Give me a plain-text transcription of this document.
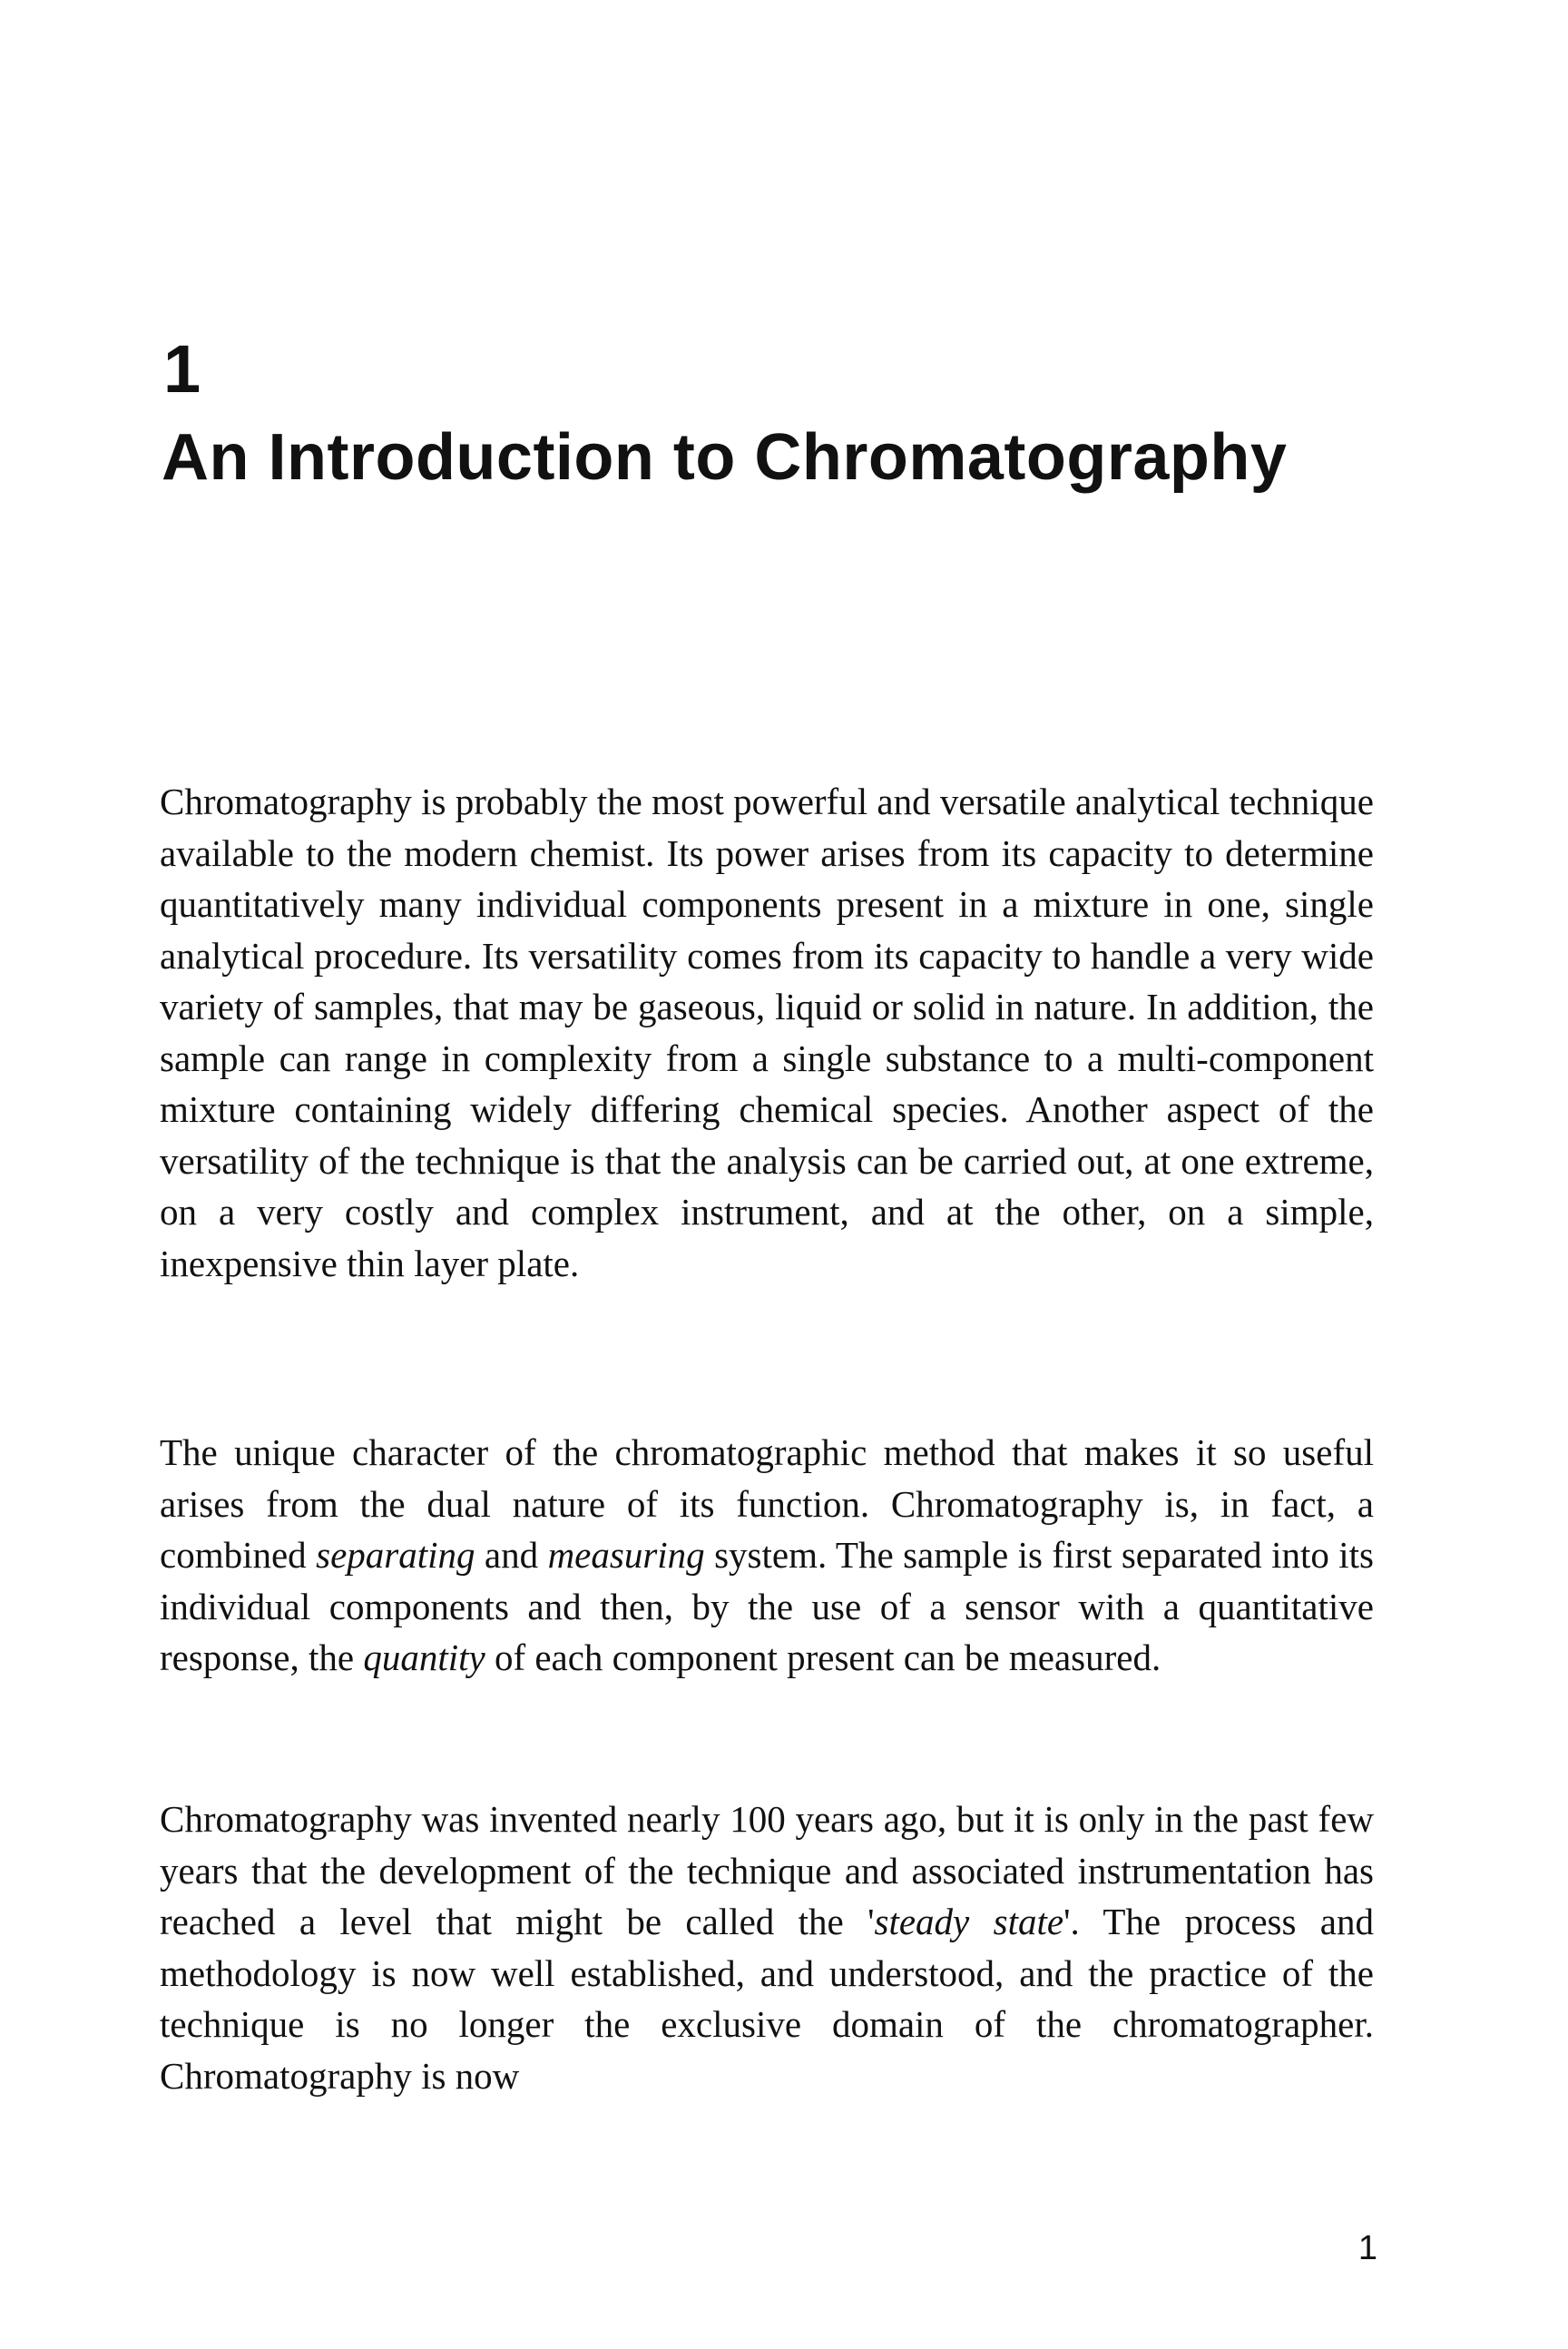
1
An Introduction to Chromatography

Chromatography is probably the most powerful and versatile analytical technique available to the modern chemist. Its power arises from its capacity to determine quantitatively many individual components present in a mixture in one, single analytical procedure. Its versatility comes from its capacity to handle a very wide variety of samples, that may be gaseous, liquid or solid in nature. In addition, the sample can range in complexity from a single substance to a multi-component mixture containing widely differing chemical species. Another aspect of the versatility of the technique is that the analysis can be carried out, at one extreme, on a very costly and complex instrument, and at the other, on a simple, inexpensive thin layer plate.

The unique character of the chromatographic method that makes it so useful arises from the dual nature of its function. Chromatography is, in fact, a combined separating and measuring system. The sample is first separated into its individual components and then, by the use of a sensor with a quantitative response, the quantity of each component present can be measured.

Chromatography was invented nearly 100 years ago, but it is only in the past few years that the development of the technique and associated instrumentation has reached a level that might be called the 'steady state'. The process and methodology is now well established, and understood, and the practice of the technique is no longer the exclusive domain of the chromatographer. Chromatography is now

1
